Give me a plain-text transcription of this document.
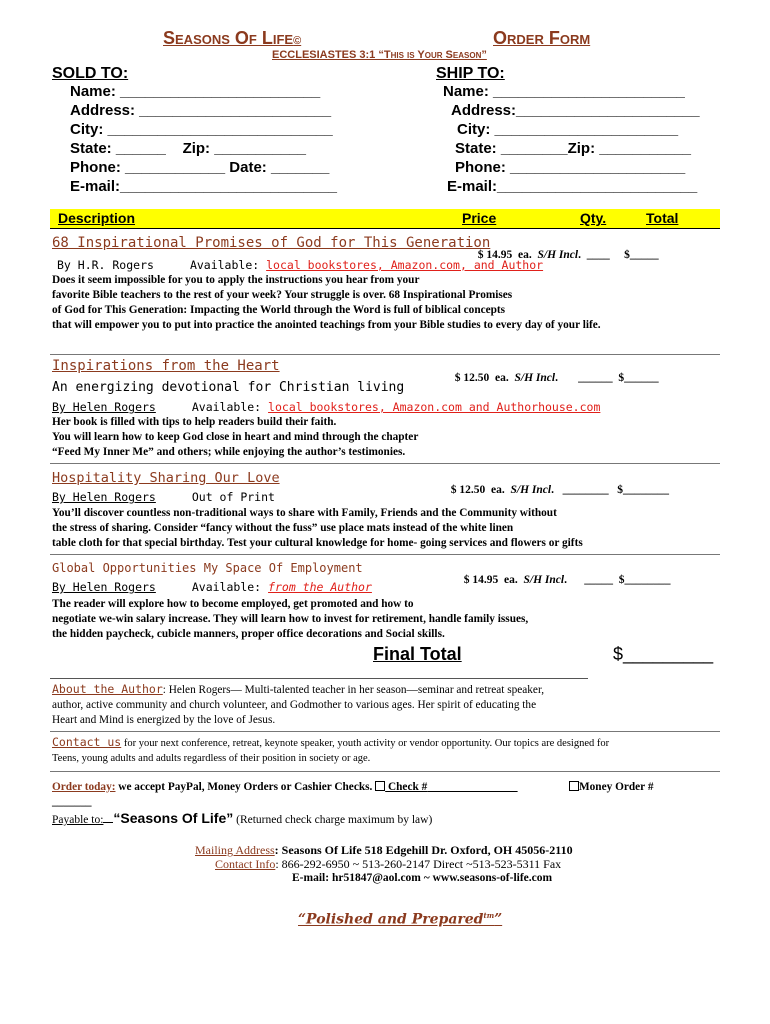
Seasons Of Life©	Order Form
ECCLESIASTES 3:1 “This is Your Season”
SOLD TO:
Name: ________________________
Address: _______________________
City: ___________________________
State: ______    Zip: ___________
Phone: ____________ Date: _______
E-mail:__________________________
SHIP TO:
Name: _______________________
Address:______________________
City: ______________________
State: ________Zip: ___________
Phone: _____________________
E-mail:________________________
Description	Price	Qty.	Total
68 Inspirational Promises of God for This Generation

$ 14.95  ea. S/H Incl.  ____     $_____

By H.R. Rogers	Available: local bookstores, Amazon.com, and Author
Does it seem impossible for you to apply the instructions you hear from your
favorite Bible teachers to the rest of your week? Your struggle is over. 68 Inspirational Promises
of God for This Generation: Impacting the World through the Word is full of biblical concepts
that will empower you to put into practice the anointed teachings from your Bible studies to every day of your life.
Inspirations from the Heart

$ 12.50  ea. S/H Incl.       ______  $______

An energizing devotional for Christian living
By Helen Rogers	Available: local bookstores, Amazon.com and Authorhouse.com
Her book is filled with tips to help readers build their faith.
You will learn how to keep God close in heart and mind through the chapter
“Feed My Inner Me” and others; while enjoying the author’s testimonies.
Hospitality Sharing Our Love

$ 12.50  ea. S/H Incl.   ________   $________

By Helen Rogers	Out of Print
You’ll discover countless non-traditional ways to share with Family, Friends and the Community without
the stress of sharing. Consider “fancy without the fuss” use place mats instead of the white linen
table cloth for that special birthday. Test your cultural knowledge for home- going services and flowers or gifts
Global Opportunities My Space Of Employment

$ 14.95  ea. S/H Incl.      _____  $________

By Helen Rogers	Available: from the Author
The reader will explore how to become employed, get promoted and how to
negotiate we-win salary increase. They will learn how to invest for retirement, handle family issues,
the hidden paycheck, cubicle manners, proper office decorations and Social skills.
Final Total	$_________
About the Author: Helen Rogers— Multi-talented teacher in her season—seminar and retreat speaker,
author, active community and church volunteer, and Godmother to various ages. Her spirit of educating the
Heart and Mind is energized by the love of Jesus.
Contact us for your next conference, retreat, keynote speaker, youth activity or vendor opportunity. Our topics are designed for
Teens, young adults and adults regardless of their position in society or age.
Order today: we accept PayPal, Money Orders or Cashier Checks.  Check #	Money Order #
_______
Payable to: “Seasons Of Life” (Returned check charge maximum by law)
Mailing Address: Seasons Of Life 518 Edgehill Dr. Oxford, OH 45056-2110
Contact Info: 866-292-6950 ~ 513-260-2147 Direct ~513-523-5311 Fax
E-mail: hr51847@aol.com ~ www.seasons-of-life.com
“Polished and Prepared$^{tm}$”
